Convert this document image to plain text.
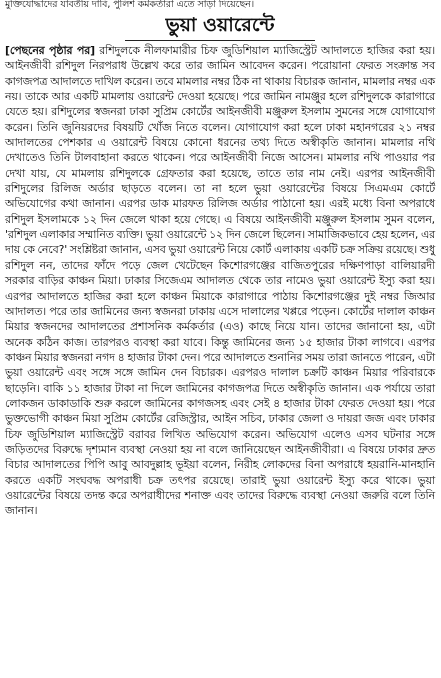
মুক্তিযোদ্ধাদের যাবতীয় দাবি, পুলিশ কর্মকর্তারা এতে সাড়া দিয়েছেন।
ভুয়া ওয়ারেন্টে
[পেছনের পৃষ্ঠার পর] রশিদুলকে নীলফামারীর চিফ জুডিশিয়াল ম্যাজিস্ট্রেট আদালতে হাজির করা হয়। আইনজীবী রশিদুল নিরপরাধ উল্লেখ করে তার জামিন আবেদন করেন। পরোয়ানা ফেরত সংক্রান্ত সব কাগজপত্র আদালতে দাখিল করেন। তবে মামলার নম্বর ঠিক না থাকায় বিচারক জানান, মামলার নম্বর এক নয়। তাকে আর একটি মামলায় ওয়ারেন্ট দেওয়া হয়েছে। পরে জামিন নামঞ্জুর হলে রশিদুলকে কারাগারে যেতে হয়। রশিদুলের স্বজনরা ঢাকা সুপ্রিম কোর্টের আইনজীবী মঞ্জুরুল ইসলাম সুমনের সঙ্গে যোগাযোগ করেন। তিনি জুনিয়রদের বিষয়টি খোঁজ নিতে বলেন। যোগাযোগ করা হলে ঢাকা মহানগরের ২১ নম্বর আদালতের পেশকার এ ওয়ারেন্ট বিষয়ে কোনো ধরনের তথ্য দিতে অস্বীকৃতি জানান। মামলার নথি দেখাতেও তিনি টালবাহানা করতে থাকেন। পরে আইনজীবী নিজে আসেন। মামলার নথি পাওয়ার পর দেখা যায়, যে মামলায় রশিদুলকে গ্রেফতার করা হয়েছে, তাতে তার নাম নেই। এরপর আইনজীবী রশিদুলের রিলিজ অর্ডার ছাড়তে বলেন। তা না হলে ভুয়া ওয়ারেন্টের বিষয়ে সিএমএম কোর্টে অভিযোগের কথা জানান। এরপর ডাক মারফত রিলিজ অর্ডার পাঠানো হয়। এরই মধ্যে বিনা অপরাধে রশিদুল ইসলামকে ১২ দিন জেলে থাকা হয়ে গেছে। এ বিষয়ে আইনজীবী মঞ্জুরুল ইসলাম সুমন বলেন, 'রশিদুল এলাকার সম্মানিত ব্যক্তি। ভুয়া ওয়ারেন্টে ১২ দিন জেলে ছিলেন। সামাজিকভাবে হেয় হলেন, এর দায় কে নেবে?' সংশ্লিষ্টরা জানান, এসব ভুয়া ওয়ারেন্ট নিয়ে কোর্ট এলাকায় একটি চক্র সক্রিয় রয়েছে। শুধু রশিদুল নন, তাদের ফাঁদে পড়ে জেল খেটেছেন কিশোরগঞ্জের বাজিতপুরের দক্ষিণপাড়া বালিয়ারদী সরকার বাড়ির কাঞ্চন মিয়া। ঢাকার সিজেএম আদালত থেকে তার নামেও ভুয়া ওয়ারেন্ট ইস্যু করা হয়। এরপর আদালতে হাজির করা হলে কাঞ্চন মিয়াকে কারাগারে পাঠায় কিশোরগঞ্জের দুই নম্বর জিআর আদালত। পরে তার জামিনের জন্য স্বজনরা ঢাকায় এসে দালালের খপ্পরে পড়েন। কোর্টের দালাল কাঞ্চন মিয়ার স্বজনদের আদালতের প্রশাসনিক কর্মকর্তার (এও) কাছে নিয়ে যান। তাদের জানানো হয়, এটা অনেক কঠিন কাজ। তারপরও ব্যবস্থা করা যাবে। কিন্তু জামিনের জন্য ১৫ হাজার টাকা লাগবে। এরপর কাঞ্চন মিয়ার স্বজনরা নগদ ৪ হাজার টাকা দেন। পরে আদালতে শুনানির সময় তারা জানতে পারেন, এটা ভুয়া ওয়ারেন্ট এবং সঙ্গে সঙ্গে জামিন দেন বিচারক। এরপরও দালাল চক্রটি কাঞ্চন মিয়ার পরিবারকে ছাড়েনি। বাকি ১১ হাজার টাকা না দিলে জামিনের কাগজপত্র দিতে অস্বীকৃতি জানান। এক পর্যায়ে তারা লোকজন ডাকাডাকি শুরু করলে জামিনের কাগজসহ এবং সেই ৪ হাজার টাকা ফেরত দেওয়া হয়। পরে ভুক্তভোগী কাঞ্চন মিয়া সুপ্রিম কোর্টের রেজিস্ট্রার, আইন সচিব, ঢাকার জেলা ও দায়রা জজ এবং ঢাকার চিফ জুডিশিয়াল ম্যাজিস্ট্রেট বরাবর লিখিত অভিযোগ করেন। অভিযোগ এলেও এসব ঘটনার সঙ্গে জড়িতদের বিরুদ্ধে দৃশ্যমান ব্যবস্থা নেওয়া হয় না বলে জানিয়েছেন আইনজীবীরা। এ বিষয়ে ঢাকার দ্রুত বিচার আদালতের পিপি আবু আবদুল্লাহ ভূইয়া বলেন, নিরীহ লোকদের বিনা অপরাধে হয়রানি-মানহানি করতে একটি সংঘবদ্ধ অপরাধী চক্র তৎপর রয়েছে। তারাই ভুয়া ওয়ারেন্ট ইস্যু করে থাকে। ভুয়া ওয়ারেন্টের বিষয়ে তদন্ত করে অপরাধীদের শনাক্ত এবং তাদের বিরুদ্ধে ব্যবস্থা নেওয়া জরুরি বলে তিনি জানান।
